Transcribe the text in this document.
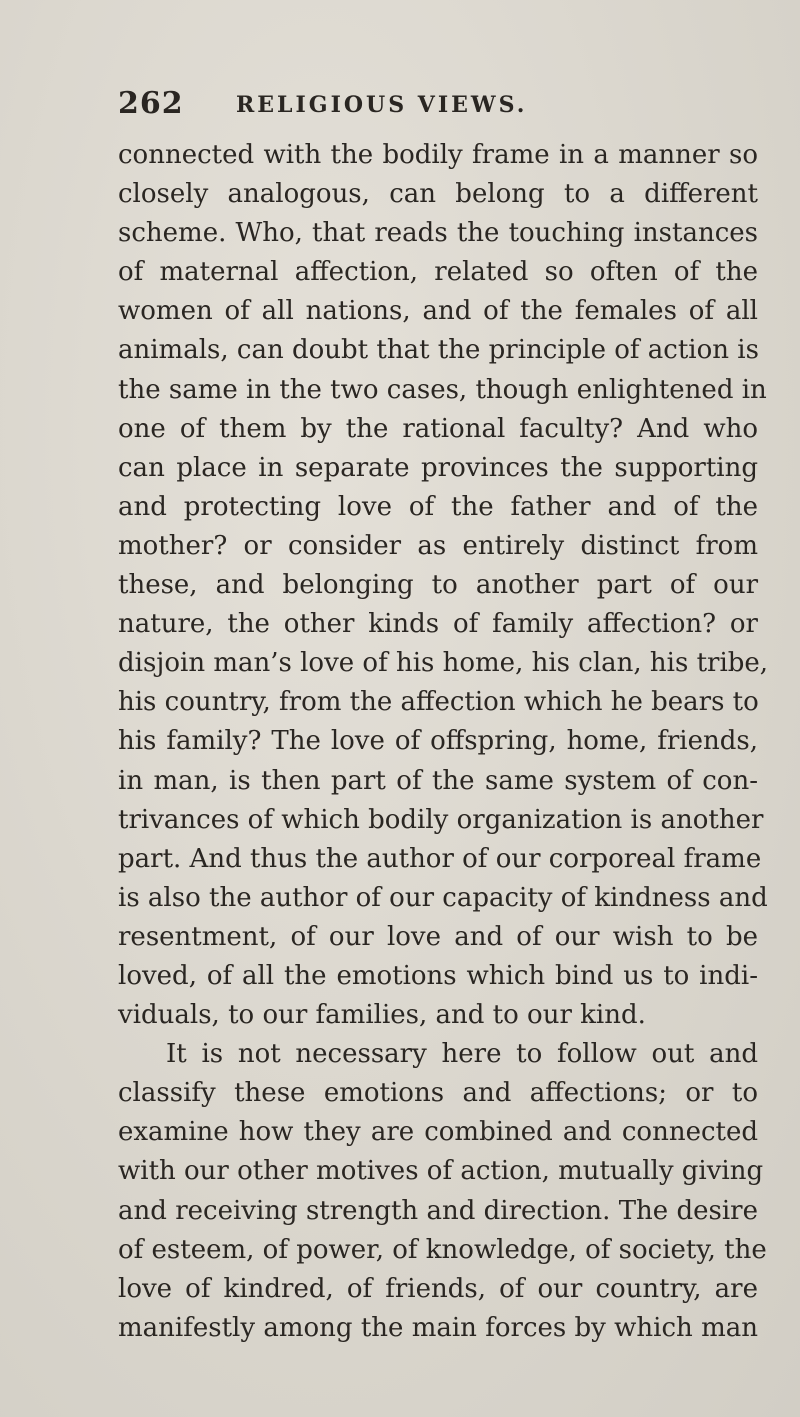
262 RELIGIOUS VIEWS.
connected with the bodily frame in a manner so
closely analogous, can belong to a different
scheme. Who, that reads the touching instances
of maternal affection, related so often of the
women of all nations, and of the females of all
animals, can doubt that the principle of action is
the same in the two cases, though enlightened in
one of them by the rational faculty? And who
can place in separate provinces the supporting
and protecting love of the father and of the
mother? or consider as entirely distinct from
these, and belonging to another part of our
nature, the other kinds of family affection? or
disjoin man’s love of his home, his clan, his tribe,
his country, from the affection which he bears to
his family? The love of offspring, home, friends,
in man, is then part of the same system of con-
trivances of which bodily organization is another
part. And thus the author of our corporeal frame
is also the author of our capacity of kindness and
resentment, of our love and of our wish to be
loved, of all the emotions which bind us to indi-
viduals, to our families, and to our kind.
It is not necessary here to follow out and
classify these emotions and affections; or to
examine how they are combined and connected
with our other motives of action, mutually giving
and receiving strength and direction. The desire
of esteem, of power, of knowledge, of society, the
love of kindred, of friends, of our country, are
manifestly among the main forces by which man
